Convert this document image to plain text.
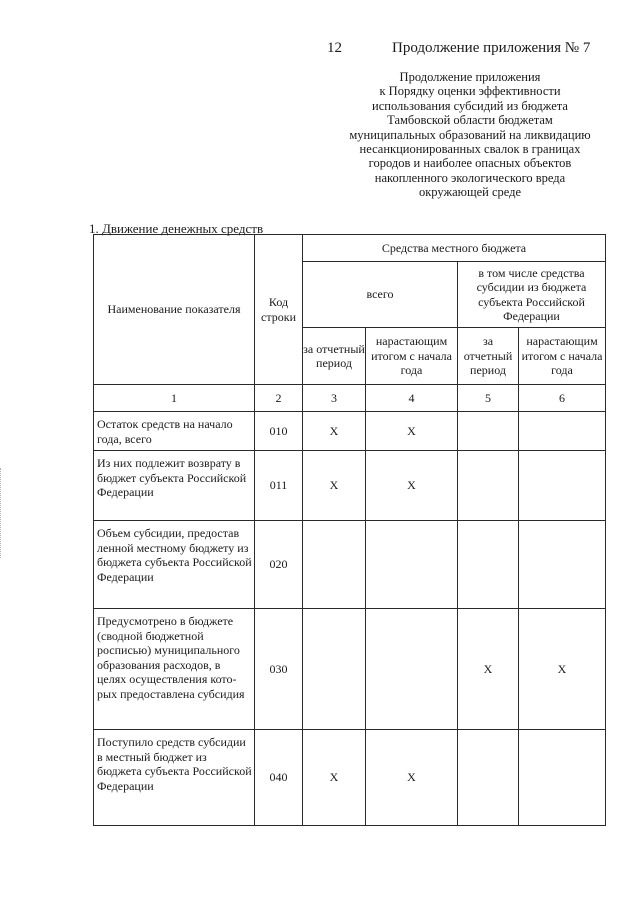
12	Продолжение приложения № 7
Продолжение приложения
к Порядку оценки эффективности
использования субсидий из бюджета
Тамбовской области бюджетам
муниципальных образований на ликвидацию
несанкционированных свалок в границах
городов и наиболее опасных объектов
накопленного экологического вреда
окружающей среде
1. Движение денежных средств
Наименование показателя	Код строки	Средства местного бюджета			
		всего		в том числе средства субсидии из бюджета субъекта Российской Федерации	
		за отчетный период	нарастающим итогом с начала года	за отчетный период	нарастающим итогом с начала года
1	2	3	4	5	6
Остаток средств на начало года, всего	010	X	X		
Из них подлежит возврату в бюджет субъекта Российской Федерации	011	X	X		
Объем субсидии, предостав ленной местному бюджету из бюджета субъекта Российской Федерации	020				
Предусмотрено в бюджете (сводной бюджетной росписью) муниципального образования расходов, в целях осуществления кото-рых предоставлена субсидия	030			X	X
Поступило средств субсидии в местный бюджет из бюджета субъекта Российской Федерации	040	X	X		
